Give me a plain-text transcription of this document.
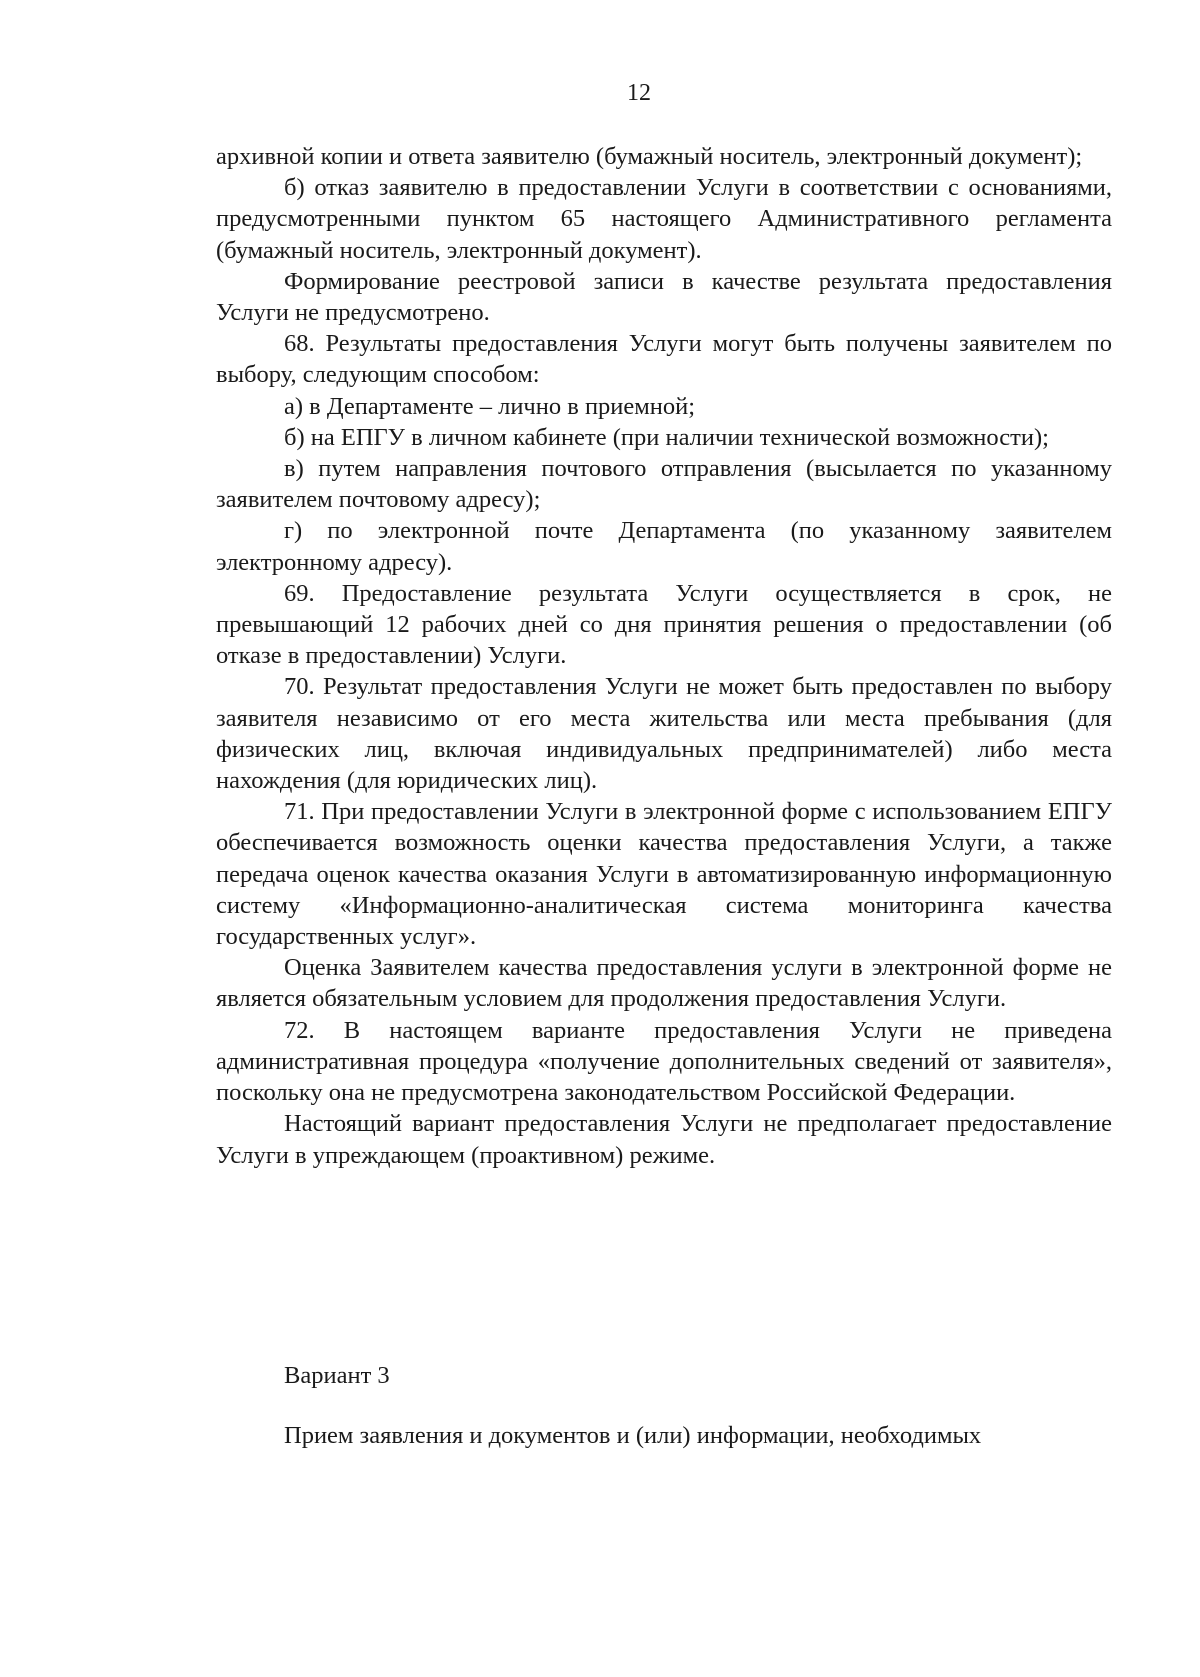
12

архивной копии и ответа заявителю (бумажный носитель, электронный документ);

б) отказ заявителю в предоставлении Услуги в соответствии с основаниями, предусмотренными пунктом 65 настоящего Административного регламента (бумажный носитель, электронный документ).

Формирование реестровой записи в качестве результата предоставления Услуги не предусмотрено.

68. Результаты предоставления Услуги могут быть получены заявителем по выбору, следующим способом:

а) в Департаменте – лично в приемной;

б) на ЕПГУ в личном кабинете (при наличии технической возможности);

в) путем направления почтового отправления (высылается по указанному заявителем почтовому адресу);

г) по электронной почте Департамента (по указанному заявителем электронному адресу).

69. Предоставление результата Услуги осуществляется в срок, не превышающий 12 рабочих дней со дня принятия решения о предоставлении (об отказе в предоставлении) Услуги.

70. Результат предоставления Услуги не может быть предоставлен по выбору заявителя независимо от его места жительства или места пребывания (для физических лиц, включая индивидуальных предпринимателей) либо места нахождения (для юридических лиц).

71. При предоставлении Услуги в электронной форме с использованием ЕПГУ обеспечивается возможность оценки качества предоставления Услуги, а также передача оценок качества оказания Услуги в автоматизированную информационную систему «Информационно-аналитическая система мониторинга качества государственных услуг».

Оценка Заявителем качества предоставления услуги в электронной форме не является обязательным условием для продолжения предоставления Услуги.

72. В настоящем варианте предоставления Услуги не приведена административная процедура «получение дополнительных сведений от заявителя», поскольку она не предусмотрена законодательством Российской Федерации.

Настоящий вариант предоставления Услуги не предполагает предоставление Услуги в упреждающем (проактивном) режиме.

Вариант 3
Прием заявления и документов и (или) информации, необходимых
